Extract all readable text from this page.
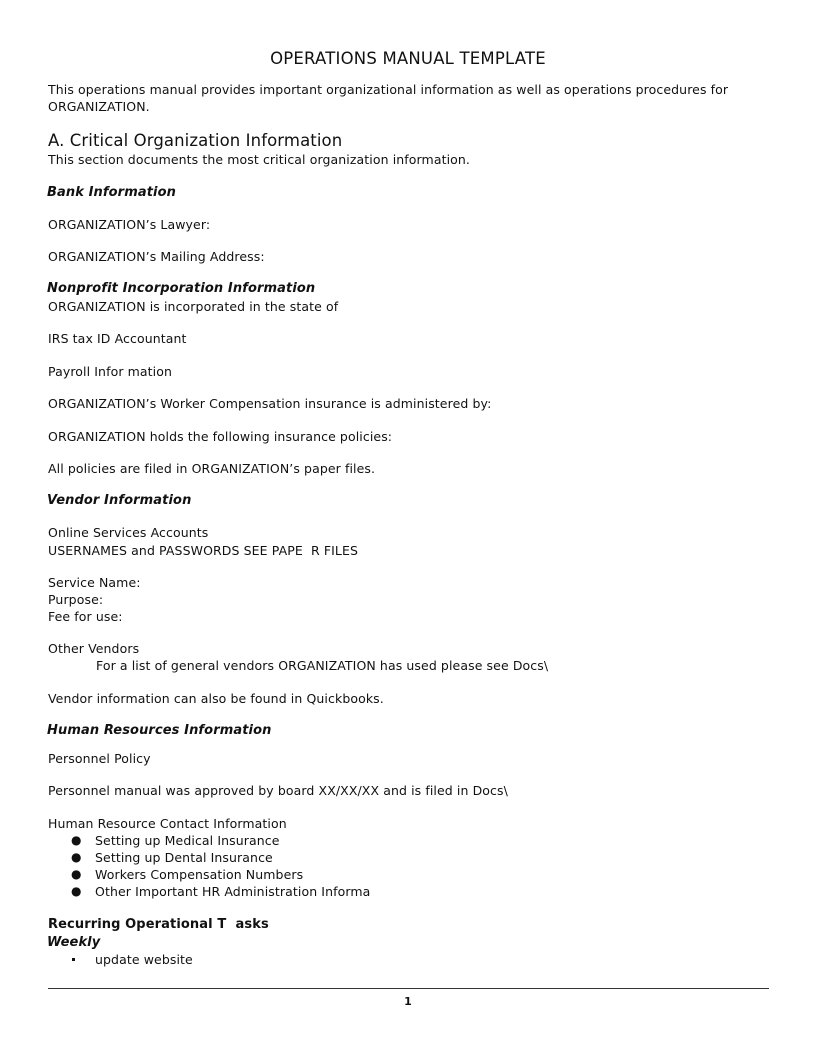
OPERATIONS MANUAL TEMPLATE
This operations manual provides important organizational information as well as operations procedures for
ORGANIZATION.
A. Critical Organization Information
This section documents the most critical organization information.
Bank Information
ORGANIZATION’s Lawyer:
ORGANIZATION’s Mailing Address:
Nonprofit Incorporation Information
ORGANIZATION is incorporated in the state of
IRS tax ID Accountant
Payroll Infor mation
ORGANIZATION’s Worker Compensation insurance is administered by:
ORGANIZATION holds the following insurance policies:
All policies are filed in ORGANIZATION’s paper files.
Vendor Information
Online Services Accounts
USERNAMES and PASSWORDS SEE PAPE  R FILES
Service Name:
Purpose:
Fee for use:
Other Vendors
For a list of general vendors ORGANIZATION has used please see Docs\
Vendor information can also be found in Quickbooks.
Human Resources Information
Personnel Policy
Personnel manual was approved by board XX/XX/XX and is filed in Docs\
Human Resource Contact Information
● Setting up Medical Insurance
● Setting up Dental Insurance
● Workers Compensation Numbers
● Other Important HR Administration Informa
Recurring Operational T  asks
Weekly
update website
1
